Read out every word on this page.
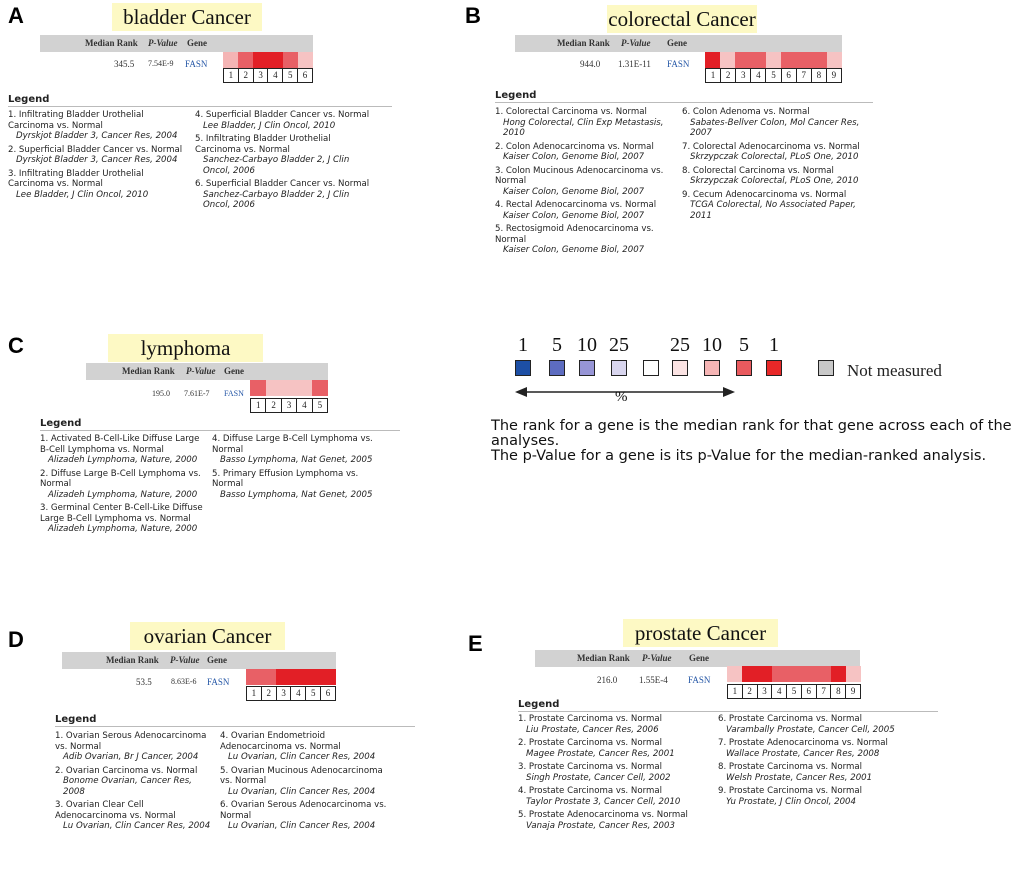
A	bladder Cancer
Median Rank P-Value Gene
345.5 7.54E-9 FASN
1	2	3	4	5	6
Legend
1. Infiltrating Bladder Urothelial Carcinoma vs. Normal
Dyrskjot Bladder 3, Cancer Res, 2004
2. Superficial Bladder Cancer vs. Normal
Dyrskjot Bladder 3, Cancer Res, 2004
3. Infiltrating Bladder Urothelial Carcinoma vs. Normal
Lee Bladder, J Clin Oncol, 2010
4. Superficial Bladder Cancer vs. Normal
Lee Bladder, J Clin Oncol, 2010
5. Infiltrating Bladder Urothelial Carcinoma vs. Normal
Sanchez-Carbayo Bladder 2, J Clin Oncol, 2006
6. Superficial Bladder Cancer vs. Normal
Sanchez-Carbayo Bladder 2, J Clin Oncol, 2006
B	colorectal Cancer
Median Rank P-Value Gene
944.0 1.31E-11 FASN
1	2	3	4	5	6	7	8	9
Legend
1. Colorectal Carcinoma vs. Normal
Hong Colorectal, Clin Exp Metastasis, 2010
2. Colon Adenocarcinoma vs. Normal
Kaiser Colon, Genome Biol, 2007
3. Colon Mucinous Adenocarcinoma vs. Normal
Kaiser Colon, Genome Biol, 2007
4. Rectal Adenocarcinoma vs. Normal
Kaiser Colon, Genome Biol, 2007
5. Rectosigmoid Adenocarcinoma vs. Normal
Kaiser Colon, Genome Biol, 2007
6. Colon Adenoma vs. Normal
Sabates-Bellver Colon, Mol Cancer Res, 2007
7. Colorectal Adenocarcinoma vs. Normal
Skrzypczak Colorectal, PLoS One, 2010
8. Colorectal Carcinoma vs. Normal
Skrzypczak Colorectal, PLoS One, 2010
9. Cecum Adenocarcinoma vs. Normal
TCGA Colorectal, No Associated Paper, 2011
C	lymphoma
Median Rank P-Value Gene
195.0 7.61E-7 FASN
1	2	3	4	5
Legend
1. Activated B-Cell-Like Diffuse Large B-Cell Lymphoma vs. Normal
Alizadeh Lymphoma, Nature, 2000
2. Diffuse Large B-Cell Lymphoma vs. Normal
Alizadeh Lymphoma, Nature, 2000
3. Germinal Center B-Cell-Like Diffuse Large B-Cell Lymphoma vs. Normal
Alizadeh Lymphoma, Nature, 2000
4. Diffuse Large B-Cell Lymphoma vs. Normal
Basso Lymphoma, Nat Genet, 2005
5. Primary Effusion Lymphoma vs. Normal
Basso Lymphoma, Nat Genet, 2005
%
Not measured
1 5 10 25 25 10 5 1
The rank for a gene is the median rank for that gene across each of the analyses.
The p-Value for a gene is its p-Value for the median-ranked analysis.
D	ovarian Cancer
Median Rank P-Value Gene
53.5 8.63E-6 FASN
1	2	3	4	5	6
Legend
1. Ovarian Serous Adenocarcinoma vs. Normal
Adib Ovarian, Br J Cancer, 2004
2. Ovarian Carcinoma vs. Normal
Bonome Ovarian, Cancer Res, 2008
3. Ovarian Clear Cell Adenocarcinoma vs. Normal
Lu Ovarian, Clin Cancer Res, 2004
4. Ovarian Endometrioid Adenocarcinoma vs. Normal
Lu Ovarian, Clin Cancer Res, 2004
5. Ovarian Mucinous Adenocarcinoma vs. Normal
Lu Ovarian, Clin Cancer Res, 2004
6. Ovarian Serous Adenocarcinoma vs. Normal
Lu Ovarian, Clin Cancer Res, 2004
E	prostate Cancer
Median Rank P-Value Gene
216.0 1.55E-4 FASN
1	2	3	4	5	6	7	8	9
Legend
1. Prostate Carcinoma vs. Normal
Liu Prostate, Cancer Res, 2006
2. Prostate Carcinoma vs. Normal
Magee Prostate, Cancer Res, 2001
3. Prostate Carcinoma vs. Normal
Singh Prostate, Cancer Cell, 2002
4. Prostate Carcinoma vs. Normal
Taylor Prostate 3, Cancer Cell, 2010
5. Prostate Adenocarcinoma vs. Normal
Vanaja Prostate, Cancer Res, 2003
6. Prostate Carcinoma vs. Normal
Varambally Prostate, Cancer Cell, 2005
7. Prostate Adenocarcinoma vs. Normal
Wallace Prostate, Cancer Res, 2008
8. Prostate Carcinoma vs. Normal
Welsh Prostate, Cancer Res, 2001
9. Prostate Carcinoma vs. Normal
Yu Prostate, J Clin Oncol, 2004
